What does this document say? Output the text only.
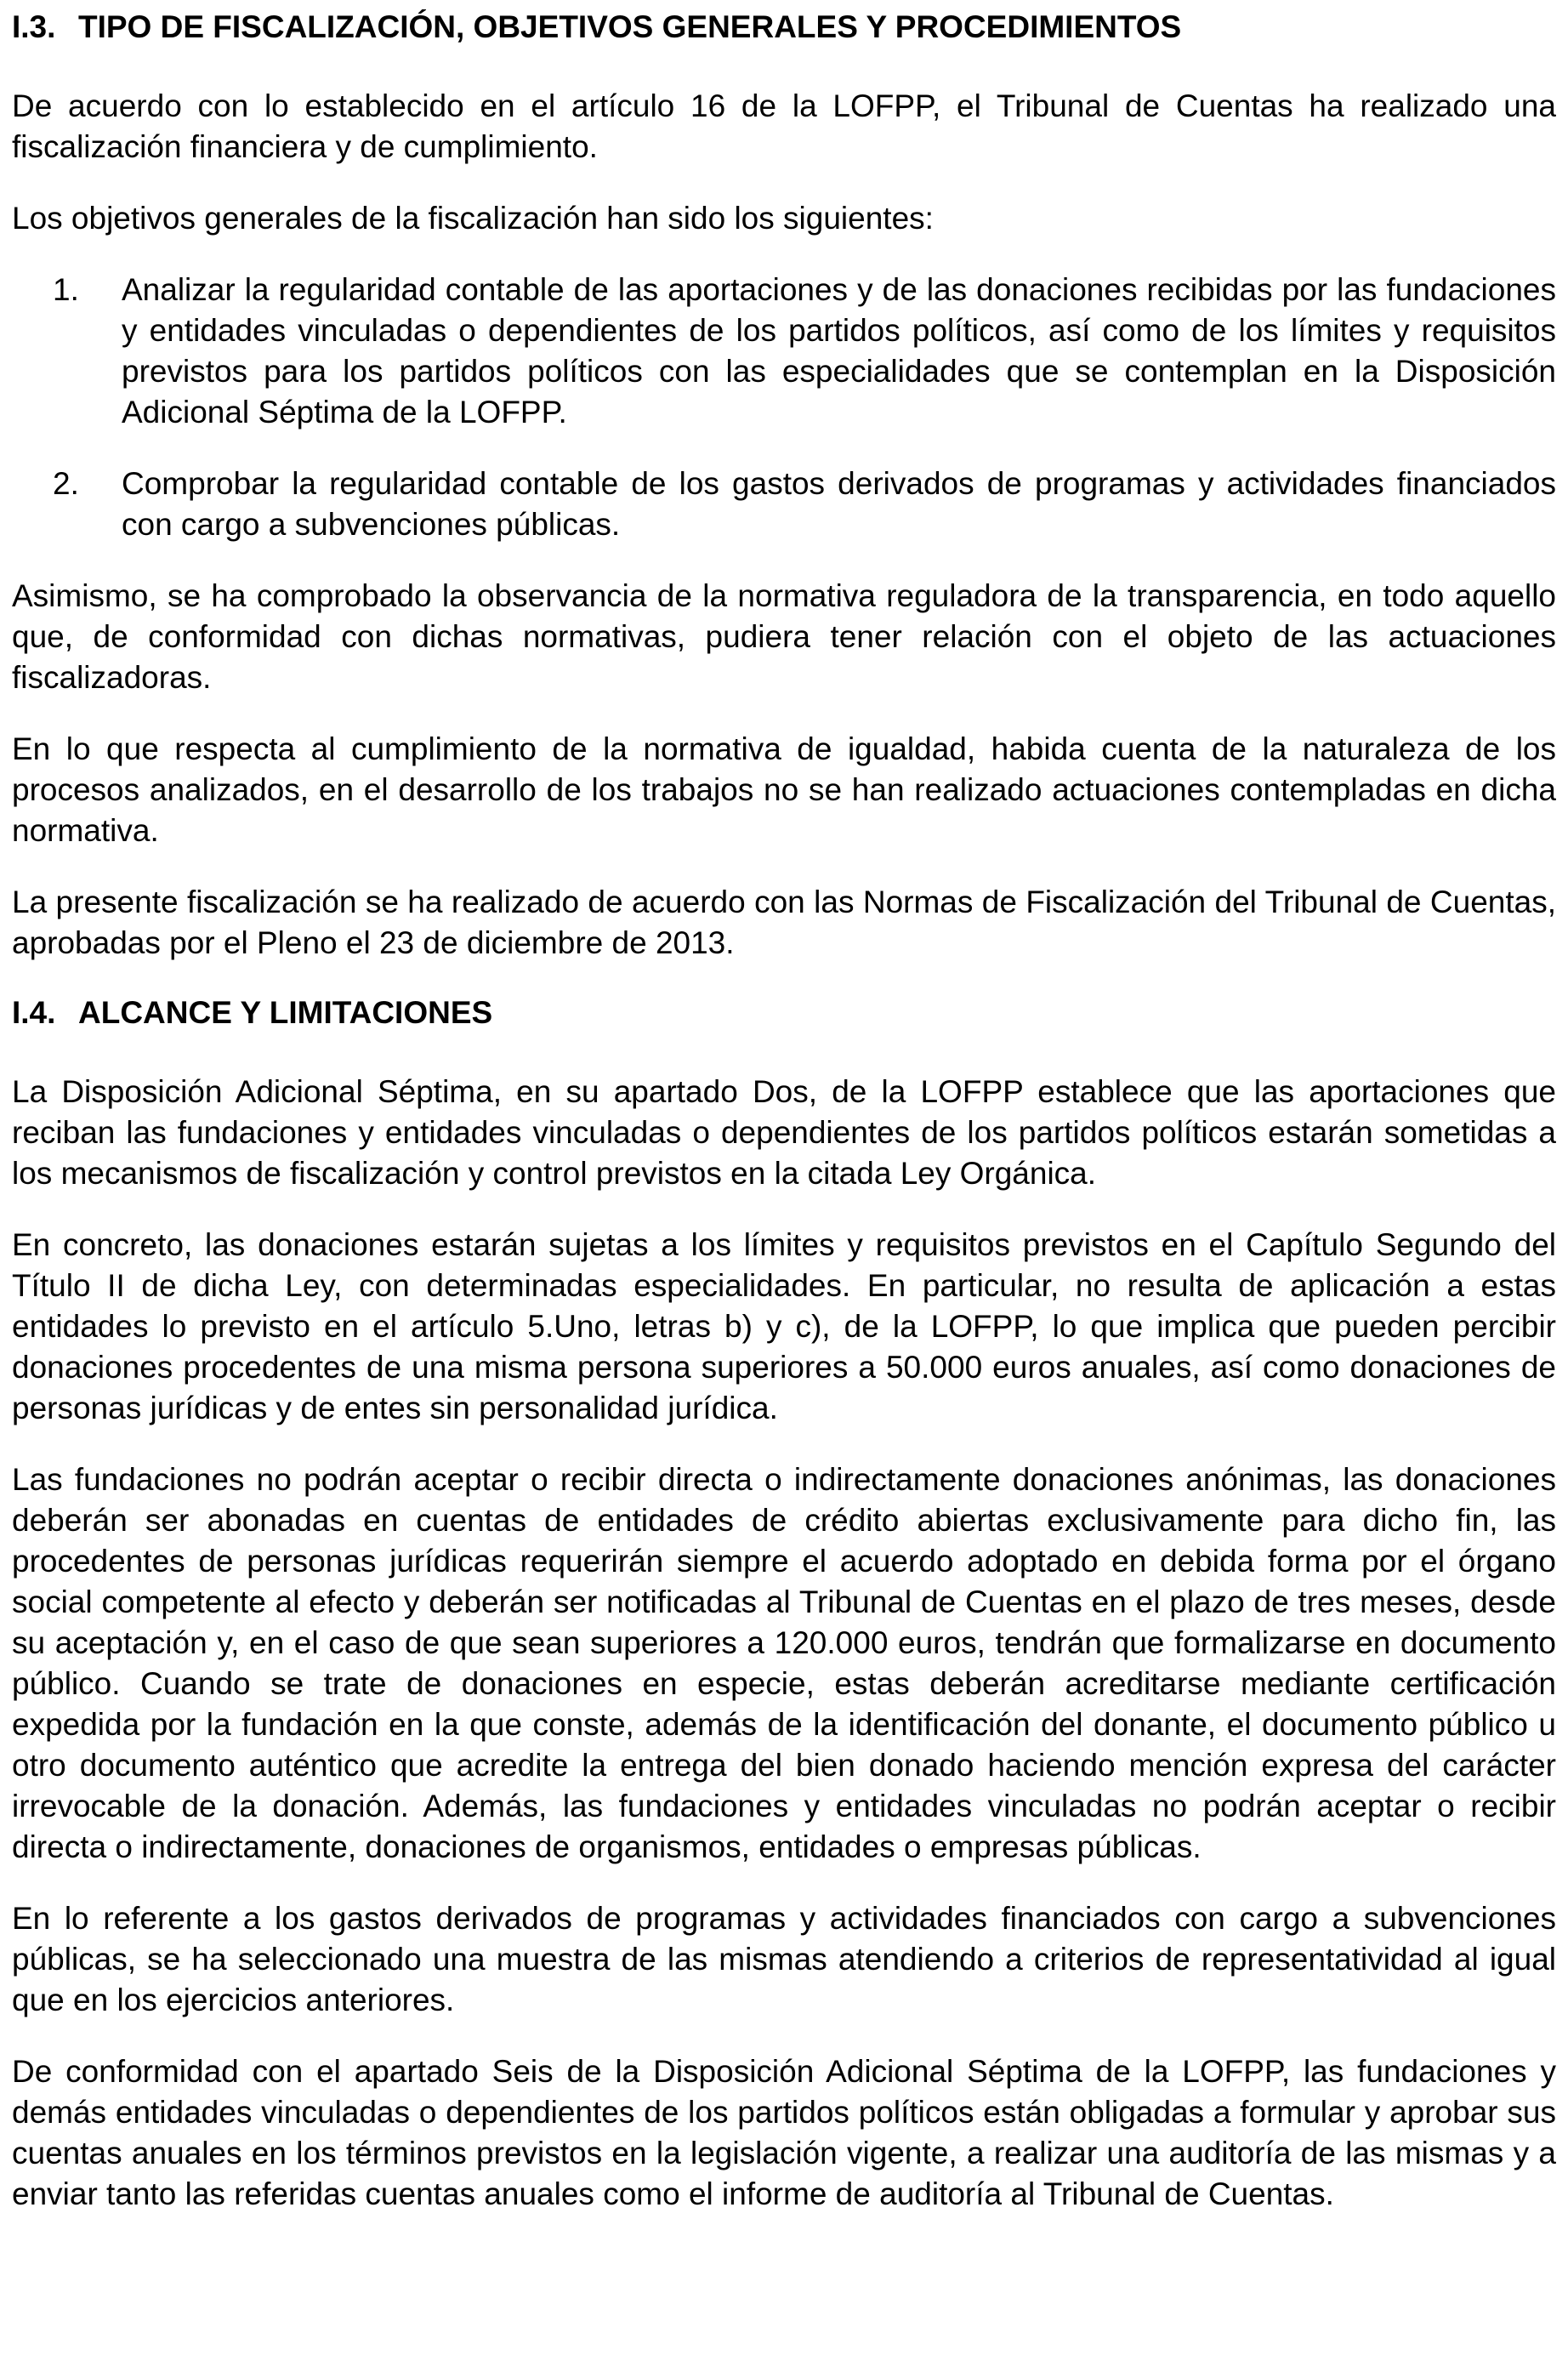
I.3. TIPO DE FISCALIZACIÓN, OBJETIVOS GENERALES Y PROCEDIMIENTOS

De acuerdo con lo establecido en el artículo 16 de la LOFPP, el Tribunal de Cuentas ha realizado una fiscalización financiera y de cumplimiento.

Los objetivos generales de la fiscalización han sido los siguientes:

1. Analizar la regularidad contable de las aportaciones y de las donaciones recibidas por las fundaciones y entidades vinculadas o dependientes de los partidos políticos, así como de los límites y requisitos previstos para los partidos políticos con las especialidades que se contemplan en la Disposición Adicional Séptima de la LOFPP.
2. Comprobar la regularidad contable de los gastos derivados de programas y actividades financiados con cargo a subvenciones públicas.

Asimismo, se ha comprobado la observancia de la normativa reguladora de la transparencia, en todo aquello que, de conformidad con dichas normativas, pudiera tener relación con el objeto de las actuaciones fiscalizadoras.

En lo que respecta al cumplimiento de la normativa de igualdad, habida cuenta de la naturaleza de los procesos analizados, en el desarrollo de los trabajos no se han realizado actuaciones contempladas en dicha normativa.

La presente fiscalización se ha realizado de acuerdo con las Normas de Fiscalización del Tribunal de Cuentas, aprobadas por el Pleno el 23 de diciembre de 2013.

I.4. ALCANCE Y LIMITACIONES

La Disposición Adicional Séptima, en su apartado Dos, de la LOFPP establece que las aportaciones que reciban las fundaciones y entidades vinculadas o dependientes de los partidos políticos estarán sometidas a los mecanismos de fiscalización y control previstos en la citada Ley Orgánica.

En concreto, las donaciones estarán sujetas a los límites y requisitos previstos en el Capítulo Segundo del Título II de dicha Ley, con determinadas especialidades. En particular, no resulta de aplicación a estas entidades lo previsto en el artículo 5.Uno, letras b) y c), de la LOFPP, lo que implica que pueden percibir donaciones procedentes de una misma persona superiores a 50.000 euros anuales, así como donaciones de personas jurídicas y de entes sin personalidad jurídica.

Las fundaciones no podrán aceptar o recibir directa o indirectamente donaciones anónimas, las donaciones deberán ser abonadas en cuentas de entidades de crédito abiertas exclusivamente para dicho fin, las procedentes de personas jurídicas requerirán siempre el acuerdo adoptado en debida forma por el órgano social competente al efecto y deberán ser notificadas al Tribunal de Cuentas en el plazo de tres meses, desde su aceptación y, en el caso de que sean superiores a 120.000 euros, tendrán que formalizarse en documento público. Cuando se trate de donaciones en especie, estas deberán acreditarse mediante certificación expedida por la fundación en la que conste, además de la identificación del donante, el documento público u otro documento auténtico que acredite la entrega del bien donado haciendo mención expresa del carácter irrevocable de la donación. Además, las fundaciones y entidades vinculadas no podrán aceptar o recibir directa o indirectamente, donaciones de organismos, entidades o empresas públicas.

En lo referente a los gastos derivados de programas y actividades financiados con cargo a subvenciones públicas, se ha seleccionado una muestra de las mismas atendiendo a criterios de representatividad al igual que en los ejercicios anteriores.

De conformidad con el apartado Seis de la Disposición Adicional Séptima de la LOFPP, las fundaciones y demás entidades vinculadas o dependientes de los partidos políticos están obligadas a formular y aprobar sus cuentas anuales en los términos previstos en la legislación vigente, a realizar una auditoría de las mismas y a enviar tanto las referidas cuentas anuales como el informe de auditoría al Tribunal de Cuentas.
